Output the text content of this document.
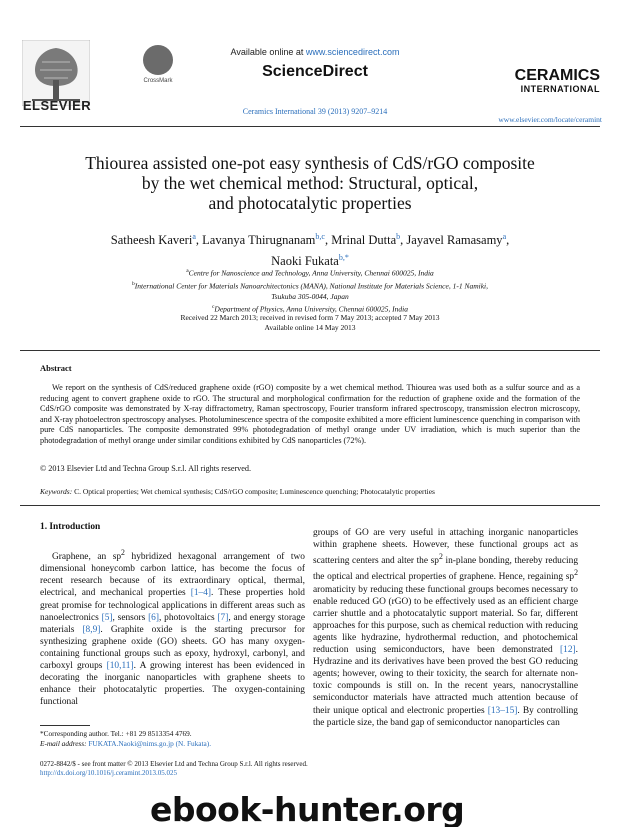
ELSEVIER
CrossMark
Available online at www.sciencedirect.com
ScienceDirect
Ceramics International 39 (2013) 9207–9214
CERAMICS
INTERNATIONAL
www.elsevier.com/locate/ceramint
Thiourea assisted one-pot easy synthesis of CdS/rGO composite
by the wet chemical method: Structural, optical,
and photocatalytic properties
Satheesh Kaveri$^a$, Lavanya Thirugnanam$^{b,c}$, Mrinal Dutta$^b$, Jayavel Ramasamy$^a$,
Naoki Fukata$^{b,*}$
$^a$Centre for Nanoscience and Technology, Anna University, Chennai 600025, India
$^b$International Center for Materials Nanoarchitectonics (MANA), National Institute for Materials Science, 1-1 Namiki,
Tsukuba 305-0044, Japan
$^c$Department of Physics, Anna University, Chennai 600025, India
Received 22 March 2013; received in revised form 7 May 2013; accepted 7 May 2013
Available online 14 May 2013
Abstract
We report on the synthesis of CdS/reduced graphene oxide (rGO) composite by a wet chemical method. Thiourea was used both as a sulfur source and as a reducing agent to convert graphene oxide to rGO. The structural and morphological confirmation for the reduction of graphene oxide and the formation of the CdS/rGO composite was demonstrated by X-ray diffractometry, Raman spectroscopy, Fourier transform infrared spectroscopy, transmission electron microscopy, and X-ray photoelectron spectroscopy analyses. Photoluminescence spectra of the composite exhibited a more efficient luminescence quenching in comparison with pure CdS nanoparticles. The composite demonstrated 99% photodegradation of methyl orange under UV irradiation, which is much superior than the photodegradation of methyl orange under similar conditions exhibited by CdS nanoparticles (72%).
© 2013 Elsevier Ltd and Techna Group S.r.l. All rights reserved.
Keywords: C. Optical properties; Wet chemical synthesis; CdS/rGO composite; Luminescence quenching; Photocatalytic properties
1. Introduction
Graphene, an $sp^2$ hybridized hexagonal arrangement of two dimensional honeycomb carbon lattice, has become the focus of recent research because of its extraordinary optical, thermal, electrical, and mechanical properties [1–4]. These properties hold great promise for technological applications in different areas such as nanoelectronics [5], sensors [6], photovoltaics [7], and energy storage materials [8,9]. Graphite oxide is the starting precursor for synthesizing graphene oxide (GO) sheets. GO has many oxygen-containing functional groups such as epoxy, hydroxyl, carbonyl, and carboxyl groups [10,11]. A growing interest has been evidenced in decorating the inorganic nanoparticles with graphene sheets to enhance their photocatalytic properties. The oxygen-containing functional
groups of GO are very useful in attaching inorganic nanoparticles within graphene sheets. However, these functional groups act as scattering centers and alter the $sp^2$ in-plane bonding, thereby reducing the optical and electrical properties of graphene. Hence, regaining $sp^2$ aromaticity by reducing these functional groups becomes necessary to enable reduced GO (rGO) to be effectively used as an efficient charge carrier shuttle and a photocatalytic support material. So far, different approaches for this purpose, such as chemical reduction with reducing agents like hydrazine, hydrothermal reduction, and photochemical reduction using semiconductors, have been demonstrated [12]. Hydrazine and its derivatives have been proved the best GO reducing agents; however, owing to their toxicity, the search for alternate non-toxic compounds is still on. In the recent years, nanocrystalline semiconductor materials have attracted much attention because of their unique optical and electronic properties [13–15]. By controlling the particle size, the band gap of semiconductor nanoparticles can
*Corresponding author. Tel.: +81 29 8513354 4769.
E-mail address: FUKATA.Naoki@nims.go.jp (N. Fukata).
0272-8842/$ - see front matter © 2013 Elsevier Ltd and Techna Group S.r.l. All rights reserved.
http://dx.doi.org/10.1016/j.ceramint.2013.05.025
ebook-hunter.org
